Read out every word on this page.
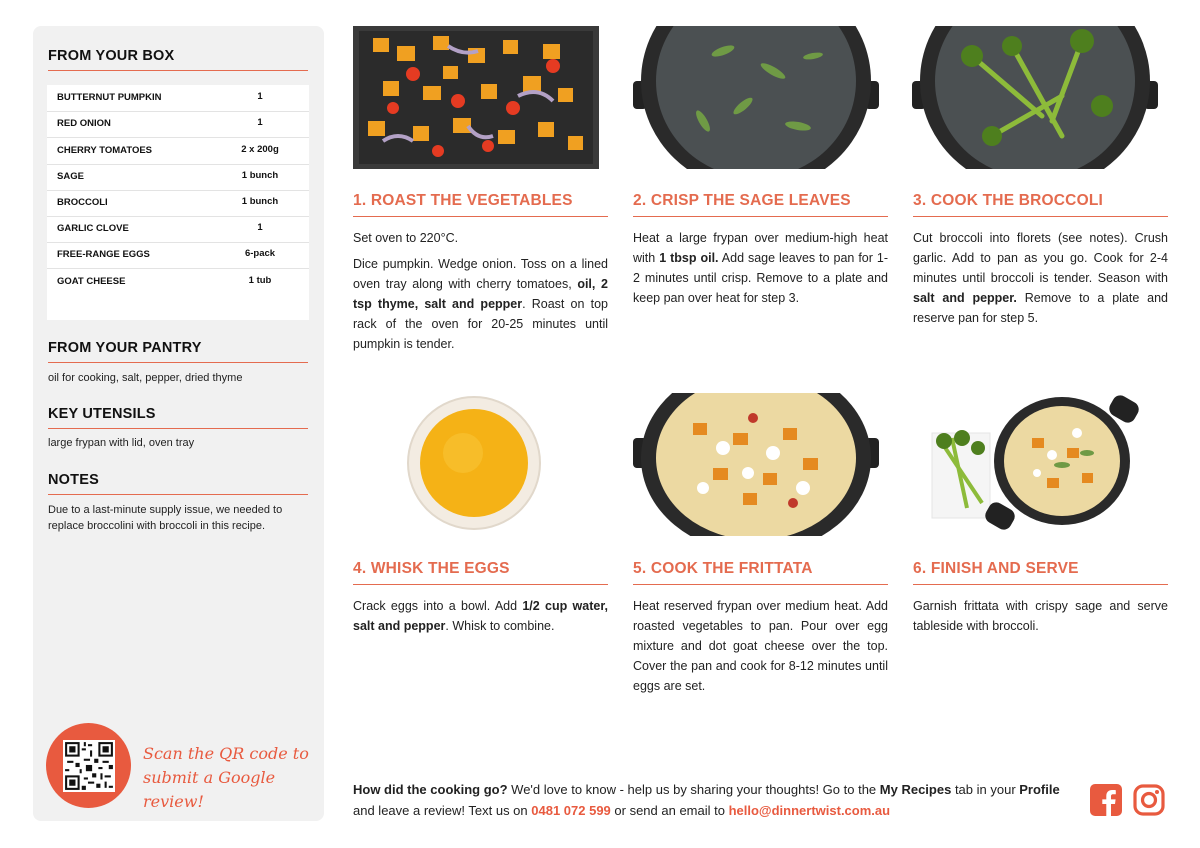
FROM YOUR BOX
BUTTERNUT PUMPKIN	1
RED ONION	1
CHERRY TOMATOES	2 x 200g
SAGE	1 bunch
BROCCOLI	1 bunch
GARLIC CLOVE	1
FREE-RANGE EGGS	6-pack
GOAT CHEESE	1 tub
FROM YOUR PANTRY
oil for cooking, salt, pepper, dried thyme
KEY UTENSILS
large frypan with lid, oven tray
NOTES
Due to a last-minute supply issue, we needed to replace broccolini with broccoli in this recipe.
Scan the QR code to
submit a Google review!
1. ROAST THE VEGETABLES

Set oven to 220°C.

Dice pumpkin. Wedge onion. Toss on a lined oven tray along with cherry tomatoes, oil, 2 tsp thyme, salt and pepper. Roast on top rack of the oven for 20-25 minutes until pumpkin is tender.

2. CRISP THE SAGE LEAVES
Heat a large frypan over medium-high heat with 1 tbsp oil. Add sage leaves to pan for 1-2 minutes until crisp. Remove to a plate and keep pan over heat for step 3.
3. COOK THE BROCCOLI
Cut broccoli into florets (see notes). Crush garlic. Add to pan as you go. Cook for 2-4 minutes until broccoli is tender. Season with salt and pepper. Remove to a plate and reserve pan for step 5.
4. WHISK THE EGGS
Crack eggs into a bowl. Add 1/2 cup water, salt and pepper. Whisk to combine.
5. COOK THE FRITTATA
Heat reserved frypan over medium heat. Add roasted vegetables to pan. Pour over egg mixture and dot goat cheese over the top. Cover the pan and cook for 8-12 minutes until eggs are set.
6. FINISH AND SERVE
Garnish frittata with crispy sage and serve tableside with broccoli.
How did the cooking go? We'd love to know - help us by sharing your thoughts! Go to the My Recipes tab in your Profile and leave a review! Text us on 0481 072 599 or send an email to hello@dinnertwist.com.au
